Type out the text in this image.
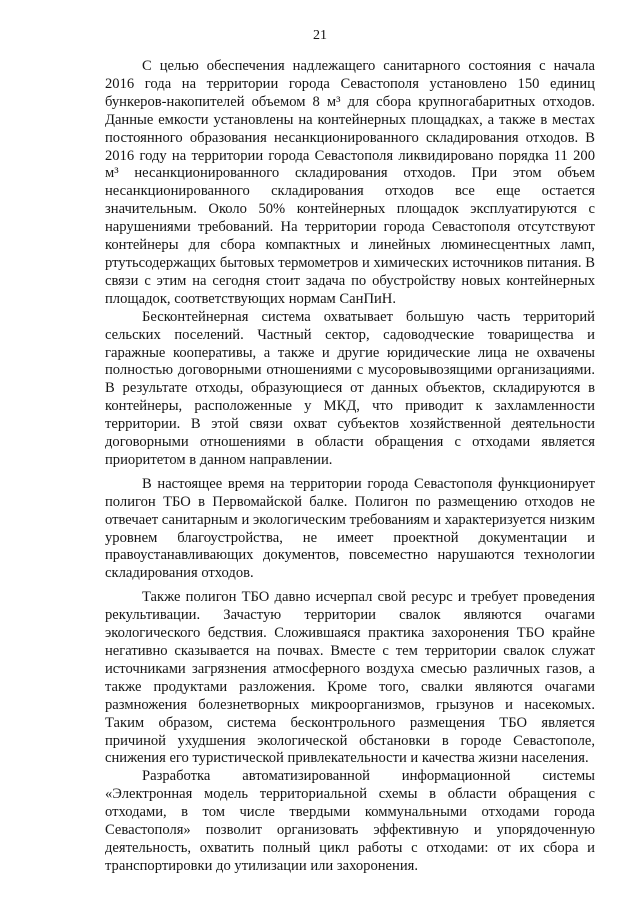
21

С целью обеспечения надлежащего санитарного состояния с начала 2016 года на территории города Севастополя установлено 150 единиц бункеров-накопителей объемом 8 м³ для сбора крупногабаритных отходов. Данные емкости установлены на контейнерных площадках, а также в местах постоянного образования несанкционированного складирования отходов. В 2016 году на территории города Севастополя ликвидировано порядка 11 200 м³ несанкционированного складирования отходов. При этом объем несанкционированного складирования отходов все еще остается значительным. Около 50% контейнерных площадок эксплуатируются с нарушениями требований. На территории города Севастополя отсутствуют контейнеры для сбора компактных и линейных люминесцентных ламп, ртутьсодержащих бытовых термометров и химических источников питания. В связи с этим на сегодня стоит задача по обустройству новых контейнерных площадок, соответствующих нормам СанПиН.

Бесконтейнерная система охватывает большую часть территорий сельских поселений. Частный сектор, садоводческие товарищества и гаражные кооперативы, а также и другие юридические лица не охвачены полностью договорными отношениями с мусоровывозящими организациями. В результате отходы, образующиеся от данных объектов, складируются в контейнеры, расположенные у МКД, что приводит к захламленности территории. В этой связи охват субъектов хозяйственной деятельности договорными отношениями в области обращения с отходами является приоритетом в данном направлении.

В настоящее время на территории города Севастополя функционирует полигон ТБО в Первомайской балке. Полигон по размещению отходов не отвечает санитарным и экологическим требованиям и характеризуется низким уровнем благоустройства, не имеет проектной документации и правоустанавливающих документов, повсеместно нарушаются технологии складирования отходов.

Также полигон ТБО давно исчерпал свой ресурс и требует проведения рекультивации. Зачастую территории свалок являются очагами экологического бедствия. Сложившаяся практика захоронения ТБО крайне негативно сказывается на почвах. Вместе с тем территории свалок служат источниками загрязнения атмосферного воздуха смесью различных газов, а также продуктами разложения. Кроме того, свалки являются очагами размножения болезнетворных микроорганизмов, грызунов и насекомых. Таким образом, система бесконтрольного размещения ТБО является причиной ухудшения экологической обстановки в городе Севастополе, снижения его туристической привлекательности и качества жизни населения.

Разработка автоматизированной информационной системы «Электронная модель территориальной схемы в области обращения с отходами, в том числе твердыми коммунальными отходами города Севастополя» позволит организовать эффективную и упорядоченную деятельность, охватить полный цикл работы с отходами: от их сбора и транспортировки до утилизации или захоронения.
